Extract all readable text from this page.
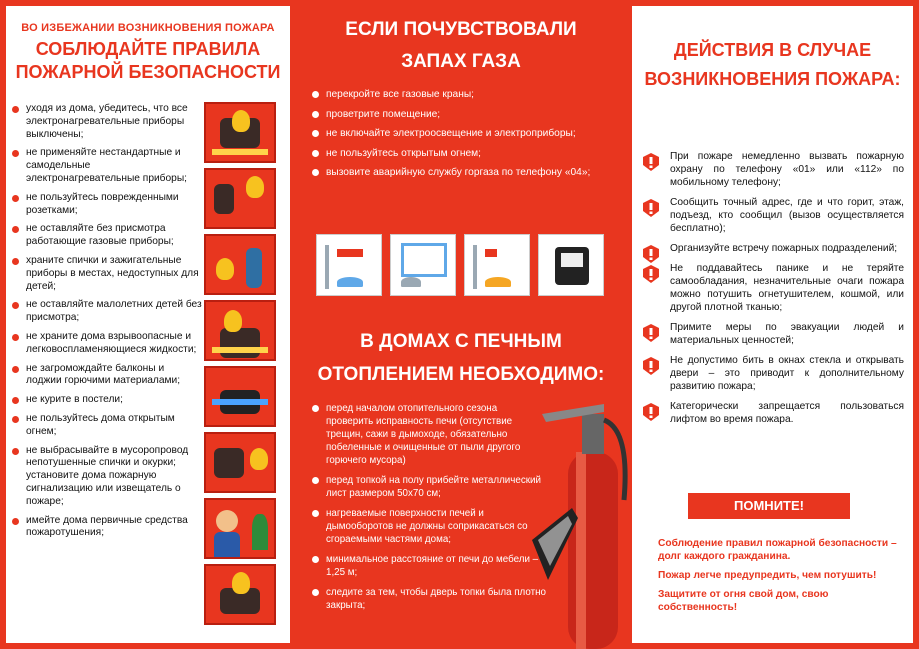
ВО ИЗБЕЖАНИИ ВОЗНИКНОВЕНИЯ ПОЖАРА
СОБЛЮДАЙТЕ ПРАВИЛА
ПОЖАРНОЙ БЕЗОПАСНОСТИ
уходя из дома, убедитесь, что все электронагревательные приборы выключены;
не применяйте нестандартные и самодельные электронагревательные приборы;
не пользуйтесь поврежденными розетками;
не оставляйте без присмотра работающие газовые приборы;
храните спички и зажигательные приборы в местах, недоступных для детей;
не оставляйте малолетних детей без присмотра;
не храните дома взрывоопасные и легковоспламеняющиеся жидкости;
не загромождайте балконы и лоджии горючими материалами;
не курите в постели;
не пользуйтесь дома открытым огнем;
не выбрасывайте в мусоропровод непотушенные спички и окурки; установите дома пожарную сигнализацию или извещатель о пожаре;
имейте дома первичные средства пожаротушения;
ЕСЛИ ПОЧУВСТВОВАЛИ
ЗАПАХ ГАЗА
перекройте все газовые краны;
проветрите помещение;
не включайте электроосвещение и электроприборы;
не пользуйтесь открытым огнем;
вызовите аварийную службу горгаза по телефону «04»;
В ДОМАХ С ПЕЧНЫМ
ОТОПЛЕНИЕМ НЕОБХОДИМО:
перед началом отопительного сезона проверить исправность печи (отсутствие трещин, сажи в дымоходе, обязательно побеленные и очищенные от пыли другого горючего мусора)
перед топкой на полу прибейте металлический лист размером 50х70 см;
нагреваемые поверхности печей и дымооборотов не должны соприкасаться со сгораемыми частями дома;
минимальное расстояние от печи до мебели – 1,25 м;
следите за тем, чтобы дверь топки была плотно закрыта;
ДЕЙСТВИЯ В СЛУЧАЕ
ВОЗНИКНОВЕНИЯ ПОЖАРА:
При пожаре немедленно вызвать пожарную охрану по телефону «01» или «112» по мобильному телефону;
Сообщить точный адрес, где и что горит, этаж, подъезд, кто сообщил (вызов осуществляется бесплатно);
Организуйте встречу пожарных подразделений;
Не поддавайтесь панике и не теряйте самообладания, незначительные очаги пожара можно потушить огнетушителем, кошмой, или другой плотной тканью;
Примите меры по эвакуации людей и материальных ценностей;
Не допустимо бить в окнах стекла и открывать двери – это приводит к дополнительному развитию пожара;
Категорически запрещается пользоваться лифтом во время пожара.
ПОМНИТЕ!

Соблюдение правил пожарной безопасности – долг каждого гражданина.

Пожар легче предупредить, чем потушить!

Защитите от огня свой дом, свою собственность!
